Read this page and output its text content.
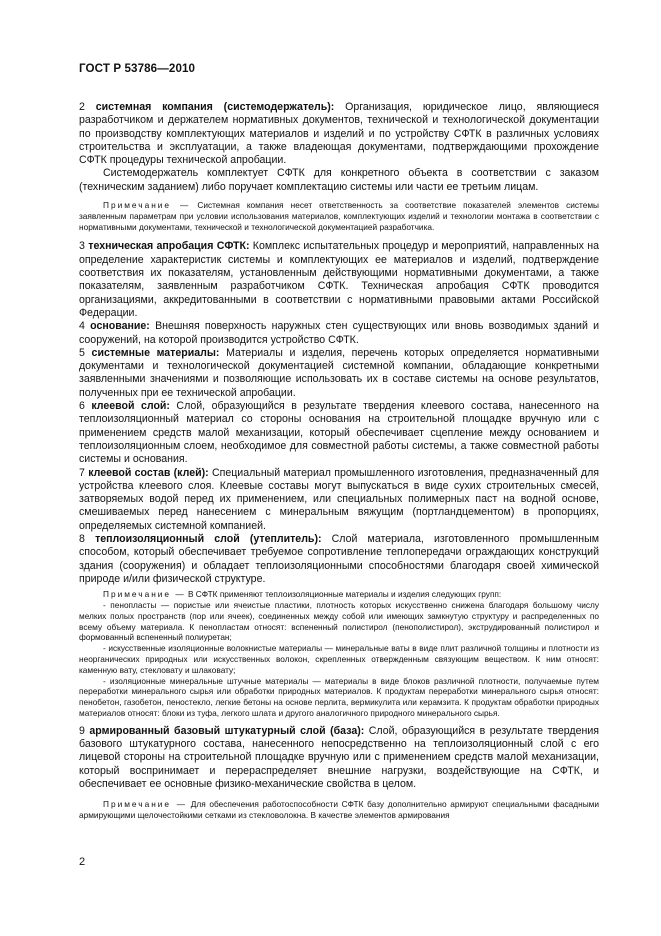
ГОСТ Р 53786—2010

2 системная компания (системодержатель): Организация, юридическое лицо, являющиеся разработчиком и держателем нормативных документов, технической и технологической документации по производству комплектующих материалов и изделий и по устройству СФТК в различных условиях строительства и эксплуатации, а также владеющая документами, подтверждающими прохождение СФТК процедуры технической апробации.

Системодержатель комплектует СФТК для конкретного объекта в соответствии с заказом (техническим заданием) либо поручает комплектацию системы или части ее третьим лицам.

Примечание — Системная компания несет ответственность за соответствие показателей элементов системы заявленным параметрам при условии использования материалов, комплектующих изделий и технологии монтажа в соответствии с нормативными документами, технической и технологической документацией разработчика.

3 техническая апробация СФТК: Комплекс испытательных процедур и мероприятий, направленных на определение характеристик системы и комплектующих ее материалов и изделий, подтверждение соответствия их показателям, установленным действующими нормативными документами, а также показателям, заявленным разработчиком СФТК. Техническая апробация СФТК проводится организациями, аккредитованными в соответствии с нормативными правовыми актами Российской Федерации.

4 основание: Внешняя поверхность наружных стен существующих или вновь возводимых зданий и сооружений, на которой производится устройство СФТК.

5 системные материалы: Материалы и изделия, перечень которых определяется нормативными документами и технологической документацией системной компании, обладающие конкретными заявленными значениями и позволяющие использовать их в составе системы на основе результатов, полученных при ее технической апробации.

6 клеевой слой: Слой, образующийся в результате твердения клеевого состава, нанесенного на теплоизоляционный материал со стороны основания на строительной площадке вручную или с применением средств малой механизации, который обеспечивает сцепление между основанием и теплоизоляционным слоем, необходимое для совместной работы системы, а также совместной работы системы и основания.

7 клеевой состав (клей): Специальный материал промышленного изготовления, предназначенный для устройства клеевого слоя. Клеевые составы могут выпускаться в виде сухих строительных смесей, затворяемых водой перед их применением, или специальных полимерных паст на водной основе, смешиваемых перед нанесением с минеральным вяжущим (портландцементом) в пропорциях, определяемых системной компанией.

8 теплоизоляционный слой (утеплитель): Слой материала, изготовленного промышленным способом, который обеспечивает требуемое сопротивление теплопередачи ограждающих конструкций здания (сооружения) и обладает теплоизоляционными способностями благодаря своей химической природе и/или физической структуре.

Примечание — В СФТК применяют теплоизоляционные материалы и изделия следующих групп:

- пенопласты — пористые или ячеистые пластики, плотность которых искусственно снижена благодаря большому числу мелких полых пространств (пор или ячеек), соединенных между собой или имеющих замкнутую структуру и распределенных по всему объему материала. К пенопластам относят: вспененный полистирол (пенополистирол), экструдированный полистирол и формованный вспененный полиуретан;

- искусственные изоляционные волокнистые материалы — минеральные ваты в виде плит различной толщины и плотности из неорганических природных или искусственных волокон, скрепленных отвержденным связующим веществом. К ним относят: каменную вату, стекловату и шлаковату;

- изоляционные минеральные штучные материалы — материалы в виде блоков различной плотности, получаемые путем переработки минерального сырья или обработки природных материалов. К продуктам переработки минерального сырья относят: пенобетон, газобетон, пеностекло, легкие бетоны на основе перлита, вермикулита или керамзита. К продуктам обработки природных материалов относят: блоки из туфа, легкого шлата и другого аналогичного природного минерального сырья.

9 армированный базовый штукатурный слой (база): Слой, образующийся в результате твердения базового штукатурного состава, нанесенного непосредственно на теплоизоляционный слой с его лицевой стороны на строительной площадке вручную или с применением средств малой механизации, который воспринимает и перераспределяет внешние нагрузки, воздействующие на СФТК, и обеспечивает ее основные физико-механические свойства в целом.

Примечание — Для обеспечения работоспособности СФТК базу дополнительно армируют специальными фасадными армирующими щелочестойкими сетками из стекловолокна. В качестве элементов армирования

2
